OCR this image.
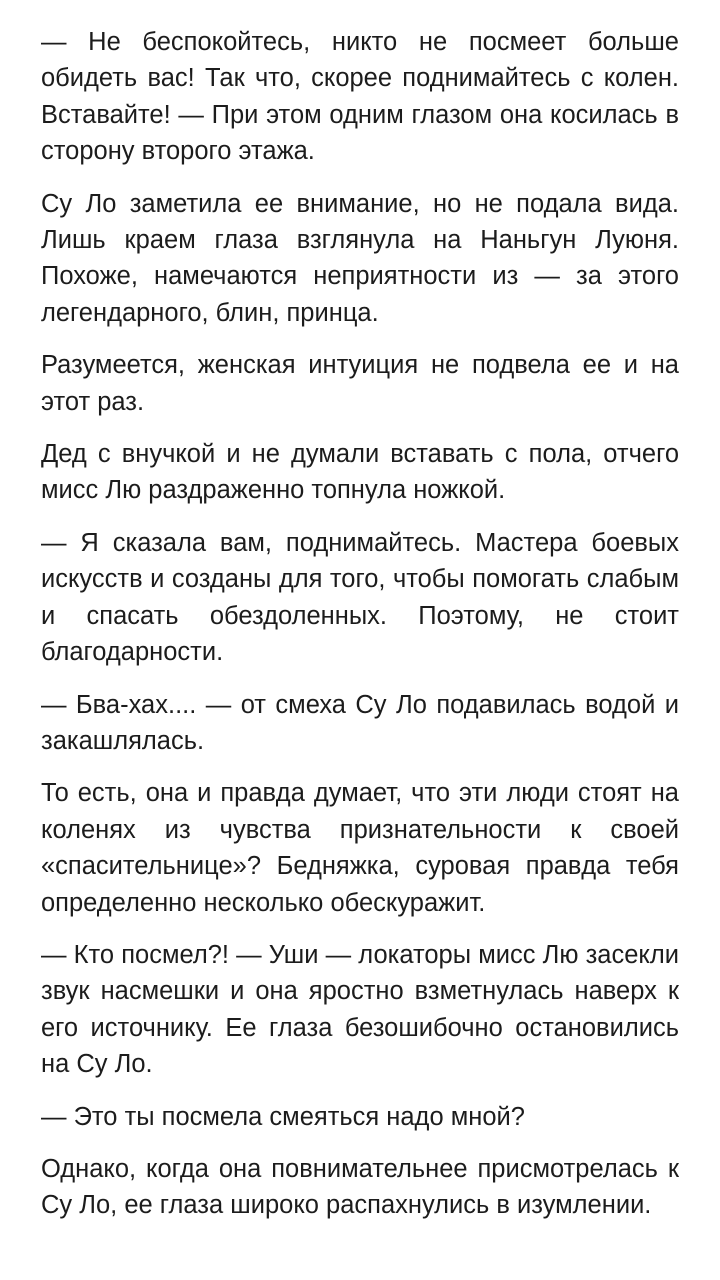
— Не беспокойтесь, никто не посмеет больше обидеть вас! Так что, скорее поднимайтесь с колен. Вставайте! — При этом одним глазом она косилась в сторону второго этажа.

Су Ло заметила ее внимание, но не подала вида. Лишь краем глаза взглянула на Наньгун Луюня. Похоже, намечаются неприятности из — за этого легендарного, блин, принца.

Разумеется, женская интуиция не подвела ее и на этот раз.

Дед с внучкой и не думали вставать с пола, отчего мисс Лю раздраженно топнула ножкой.

— Я сказала вам, поднимайтесь. Мастера боевых искусств и созданы для того, чтобы помогать слабым и спасать обездоленных. Поэтому, не стоит благодарности.

— Бва-хах.... — от смеха Су Ло подавилась водой и закашлялась.

То есть, она и правда думает, что эти люди стоят на коленях из чувства признательности к своей «спасительнице»? Бедняжка, суровая правда тебя определенно несколько обескуражит.

— Кто посмел?! — Уши — локаторы мисс Лю засекли звук насмешки и она яростно взметнулась наверх к его источнику. Ее глаза безошибочно остановились на Су Ло.

— Это ты посмела смеяться надо мной?

Однако, когда она повнимательнее присмотрелась к Су Ло, ее глаза широко распахнулись в изумлении.
